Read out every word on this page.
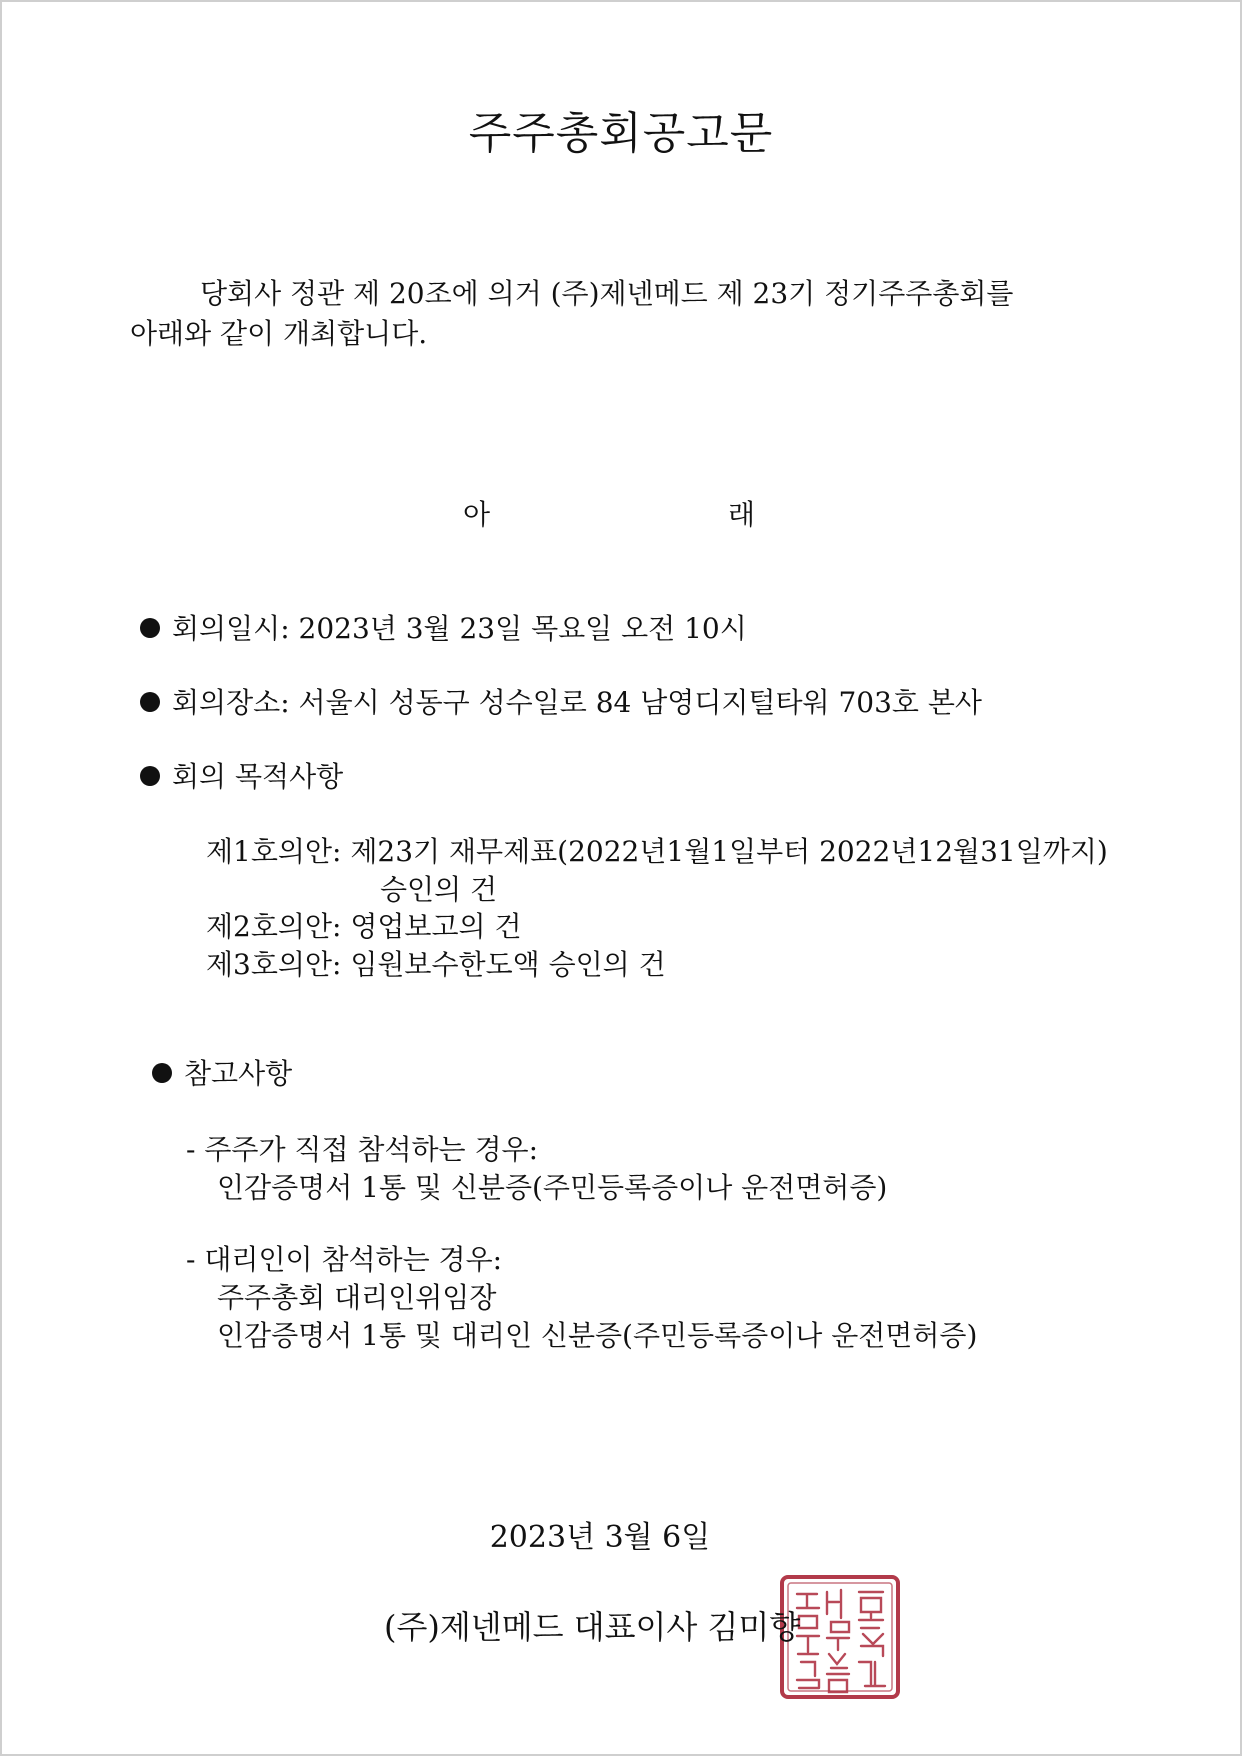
주주총회공고문
당회사 정관 제 20조에 의거 (주)제넨메드 제 23기 정기주주총회를
아래와 같이 개최합니다.
아	래
회의일시: 2023년 3월 23일 목요일 오전 10시
회의장소: 서울시 성동구 성수일로 84 남영디지털타워 703호 본사
회의 목적사항
제1호의안: 제23기 재무제표(2022년1월1일부터 2022년12월31일까지)
승인의 건
제2호의안: 영업보고의 건
제3호의안: 임원보수한도액 승인의 건
참고사항
- 주주가 직접 참석하는 경우:
인감증명서 1통 및 신분증(주민등록증이나 운전면허증)
- 대리인이 참석하는 경우:
주주총회 대리인위임장
인감증명서 1통 및 대리인 신분증(주민등록증이나 운전면허증)
2023년 3월 6일
(주)제넨메드 대표이사 김미향
